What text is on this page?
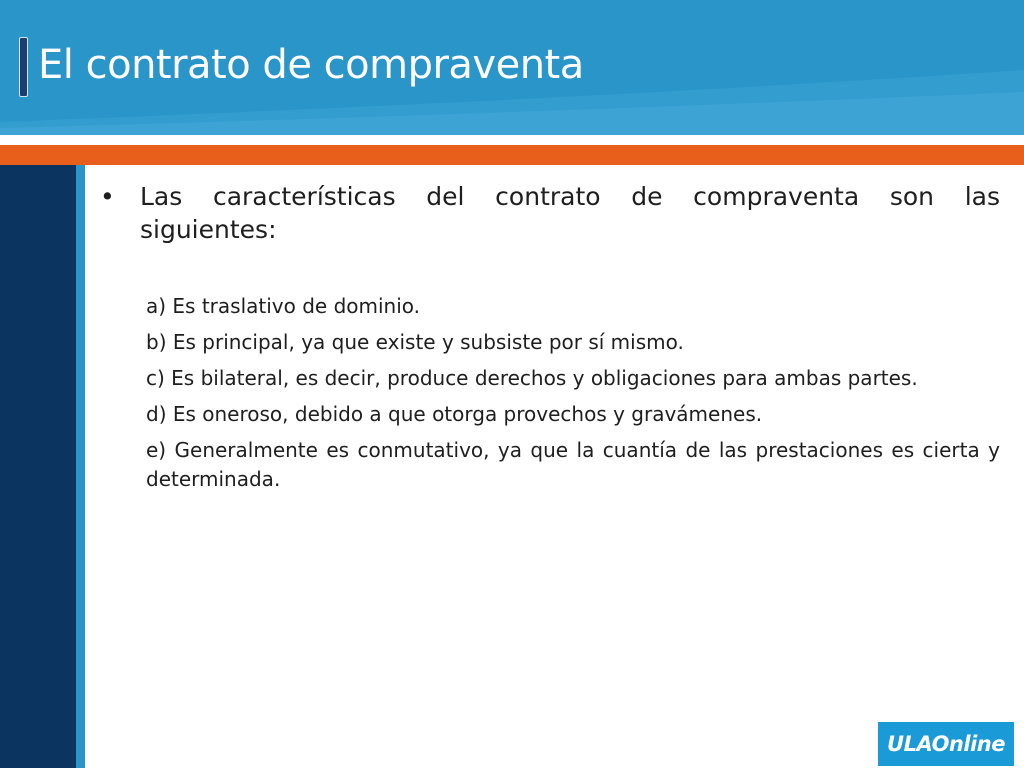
El contrato de compraventa
• Las características del contrato de compraventa son las siguientes:

a) Es traslativo de dominio.

b) Es principal, ya que existe y subsiste por sí mismo.

c) Es bilateral, es decir, produce derechos y obligaciones para ambas partes.

d) Es oneroso, debido a que otorga provechos y gravámenes.

e) Generalmente es conmutativo, ya que la cuantía de las prestaciones es cierta y determinada.

ULAOnline
